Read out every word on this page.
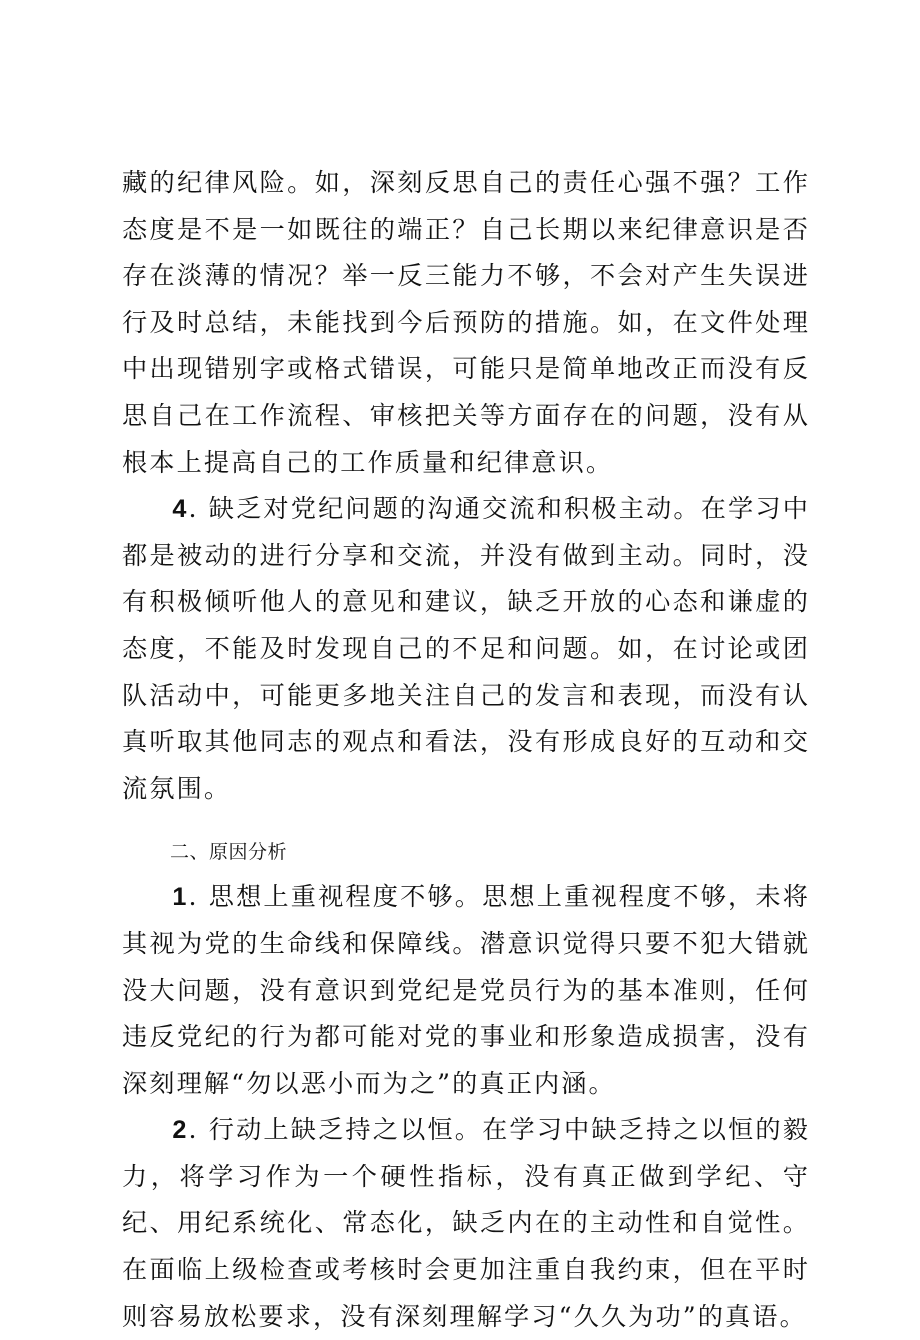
藏的纪律风险。如，深刻反思自己的责任心强不强？工作态度是不是一如既往的端正？自己长期以来纪律意识是否存在淡薄的情况？举一反三能力不够，不会对产生失误进行及时总结，未能找到今后预防的措施。如，在文件处理中出现错别字或格式错误，可能只是简单地改正而没有反思自己在工作流程、审核把关等方面存在的问题，没有从根本上提高自己的工作质量和纪律意识。

4. 缺乏对党纪问题的沟通交流和积极主动。在学习中都是被动的进行分享和交流，并没有做到主动。同时，没有积极倾听他人的意见和建议，缺乏开放的心态和谦虚的态度，不能及时发现自己的不足和问题。如，在讨论或团队活动中，可能更多地关注自己的发言和表现，而没有认真听取其他同志的观点和看法，没有形成良好的互动和交流氛围。

二、原因分析

1. 思想上重视程度不够。思想上重视程度不够，未将其视为党的生命线和保障线。潜意识觉得只要不犯大错就没大问题，没有意识到党纪是党员行为的基本准则，任何违反党纪的行为都可能对党的事业和形象造成损害，没有深刻理解“勿以恶小而为之”的真正内涵。

2. 行动上缺乏持之以恒。在学习中缺乏持之以恒的毅力，将学习作为一个硬性指标，没有真正做到学纪、守纪、用纪系统化、常态化，缺乏内在的主动性和自觉性。在面临上级检查或考核时会更加注重自我约束，但在平时则容易放松要求，没有深刻理解学习“久久为功”的真语。
